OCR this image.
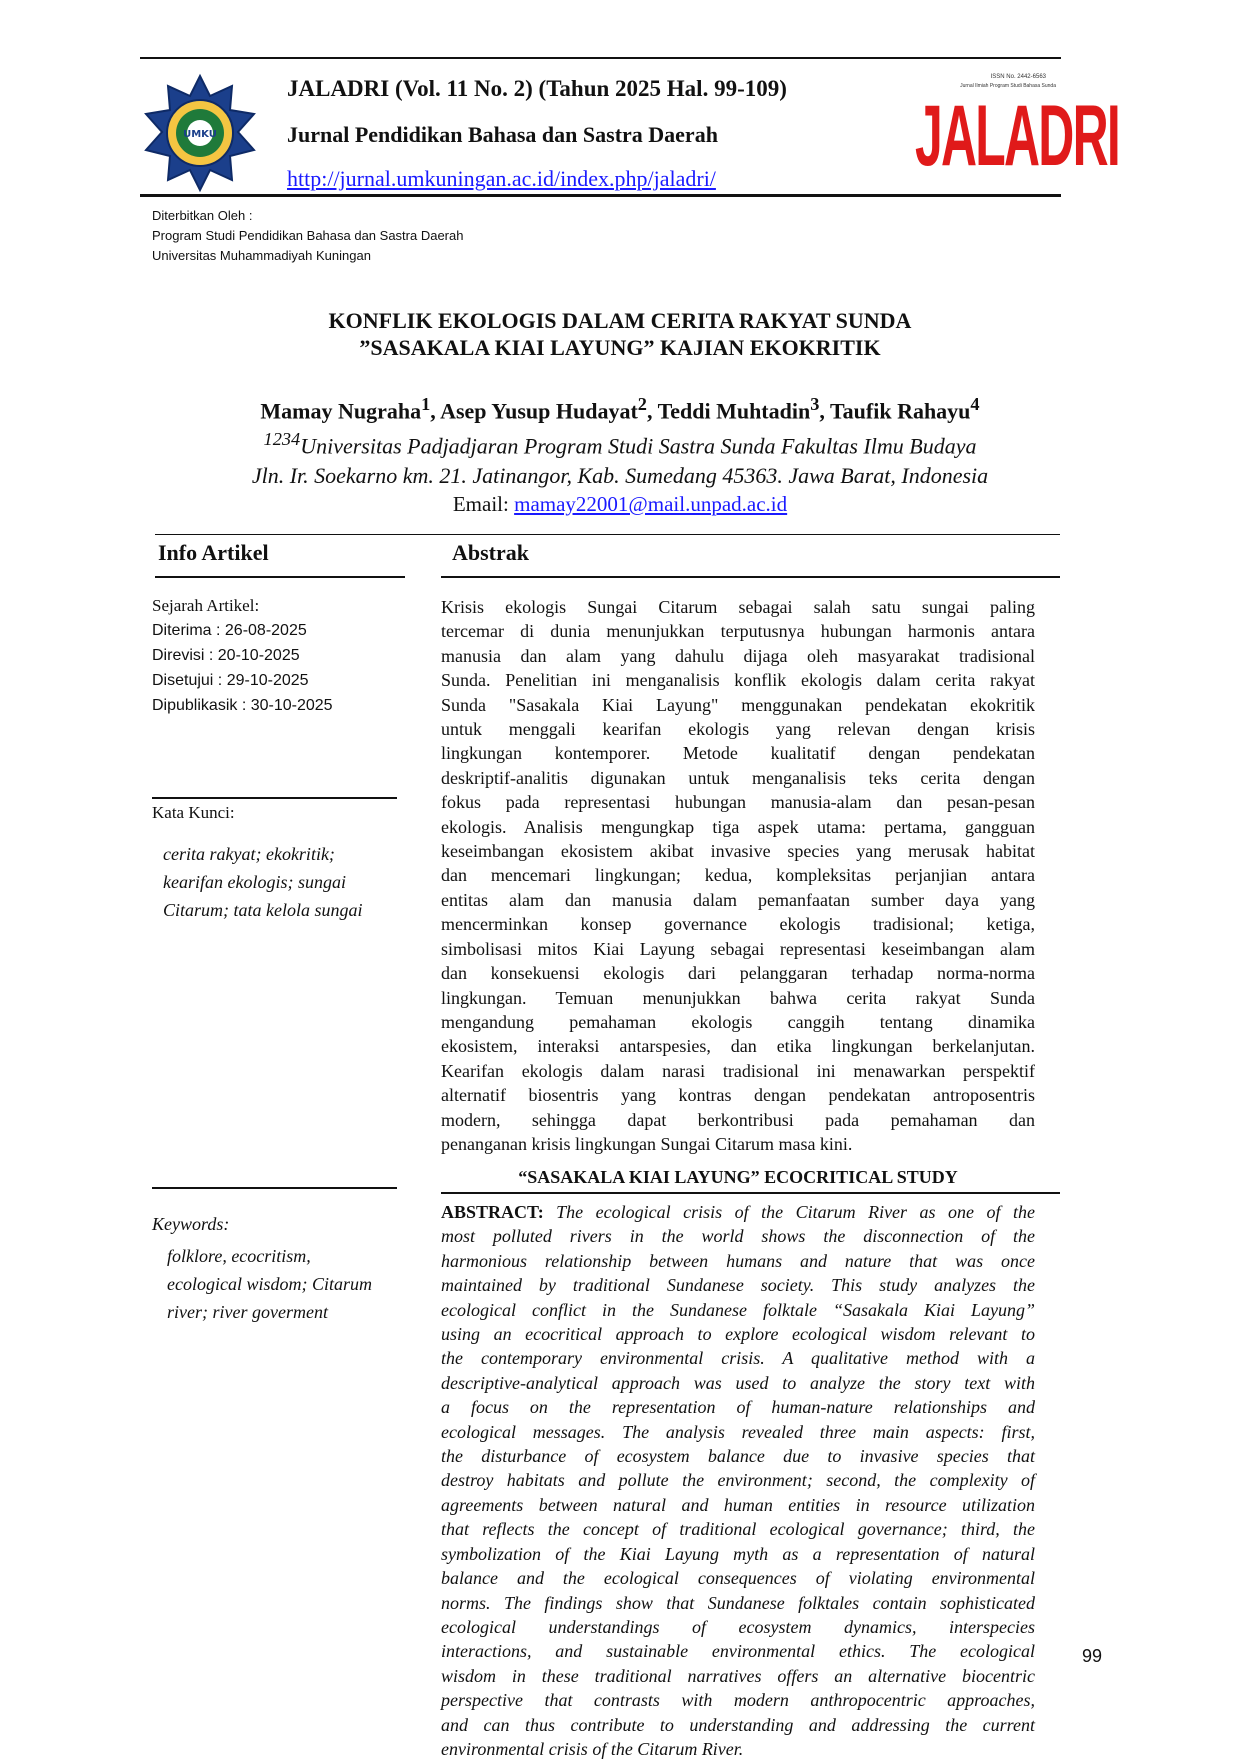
UMKU
JALADRI (Vol. 11 No. 2) (Tahun 2025 Hal. 99-109)
Jurnal Pendidikan Bahasa dan Sastra Daerah
http://jurnal.umkuningan.ac.id/index.php/jaladri/
ISSN No. 2442-6563
Jurnal Ilmiah Program Studi Bahasa Sunda
JALADRI
Diterbitkan Oleh :
Program Studi Pendidikan Bahasa dan Sastra Daerah
Universitas Muhammadiyah Kuningan
KONFLIK EKOLOGIS DALAM CERITA RAKYAT SUNDA
”SASAKALA KIAI LAYUNG” KAJIAN EKOKRITIK
Mamay Nugraha$^1$, Asep Yusup Hudayat$^2$, Teddi Muhtadin$^3$, Taufik Rahayu$^4$
$^{1234}$Universitas Padjadjaran Program Studi Sastra Sunda Fakultas Ilmu Budaya
Jln. Ir. Soekarno km. 21. Jatinangor, Kab. Sumedang 45363. Jawa Barat, Indonesia
Email: mamay22001@mail.unpad.ac.id
Info Artikel
Sejarah Artikel:
Diterima : 26-08-2025
Direvisi : 20-10-2025
Disetujui : 29-10-2025
Dipublikasik : 30-10-2025
Kata Kunci:
cerita rakyat; ekokritik;
kearifan ekologis; sungai
Citarum; tata kelola sungai
Keywords:
folklore, ecocritism,
ecological wisdom; Citarum
river; river goverment
Abstrak
Krisis ekologis Sungai Citarum sebagai salah satu sungai paling
tercemar di dunia menunjukkan terputusnya hubungan harmonis antara
manusia dan alam yang dahulu dijaga oleh masyarakat tradisional
Sunda. Penelitian ini menganalisis konflik ekologis dalam cerita rakyat
Sunda "Sasakala Kiai Layung" menggunakan pendekatan ekokritik
untuk menggali kearifan ekologis yang relevan dengan krisis
lingkungan kontemporer. Metode kualitatif dengan pendekatan
deskriptif-analitis digunakan untuk menganalisis teks cerita dengan
fokus pada representasi hubungan manusia-alam dan pesan-pesan
ekologis. Analisis mengungkap tiga aspek utama: pertama, gangguan
keseimbangan ekosistem akibat invasive species yang merusak habitat
dan mencemari lingkungan; kedua, kompleksitas perjanjian antara
entitas alam dan manusia dalam pemanfaatan sumber daya yang
mencerminkan konsep governance ekologis tradisional; ketiga,
simbolisasi mitos Kiai Layung sebagai representasi keseimbangan alam
dan konsekuensi ekologis dari pelanggaran terhadap norma-norma
lingkungan. Temuan menunjukkan bahwa cerita rakyat Sunda
mengandung pemahaman ekologis canggih tentang dinamika
ekosistem, interaksi antarspesies, dan etika lingkungan berkelanjutan.
Kearifan ekologis dalam narasi tradisional ini menawarkan perspektif
alternatif biosentris yang kontras dengan pendekatan antroposentris
modern, sehingga dapat berkontribusi pada pemahaman dan
penanganan krisis lingkungan Sungai Citarum masa kini.
“SASAKALA KIAI LAYUNG” ECOCRITICAL STUDY
ABSTRACT: The ecological crisis of the Citarum River as one of the
most polluted rivers in the world shows the disconnection of the
harmonious relationship between humans and nature that was once
maintained by traditional Sundanese society. This study analyzes the
ecological conflict in the Sundanese folktale “Sasakala Kiai Layung”
using an ecocritical approach to explore ecological wisdom relevant to
the contemporary environmental crisis. A qualitative method with a
descriptive-analytical approach was used to analyze the story text with
a focus on the representation of human-nature relationships and
ecological messages. The analysis revealed three main aspects: first,
the disturbance of ecosystem balance due to invasive species that
destroy habitats and pollute the environment; second, the complexity of
agreements between natural and human entities in resource utilization
that reflects the concept of traditional ecological governance; third, the
symbolization of the Kiai Layung myth as a representation of natural
balance and the ecological consequences of violating environmental
norms. The findings show that Sundanese folktales contain sophisticated
ecological understandings of ecosystem dynamics, interspecies
interactions, and sustainable environmental ethics. The ecological
wisdom in these traditional narratives offers an alternative biocentric
perspective that contrasts with modern anthropocentric approaches,
and can thus contribute to understanding and addressing the current
environmental crisis of the Citarum River.
99
